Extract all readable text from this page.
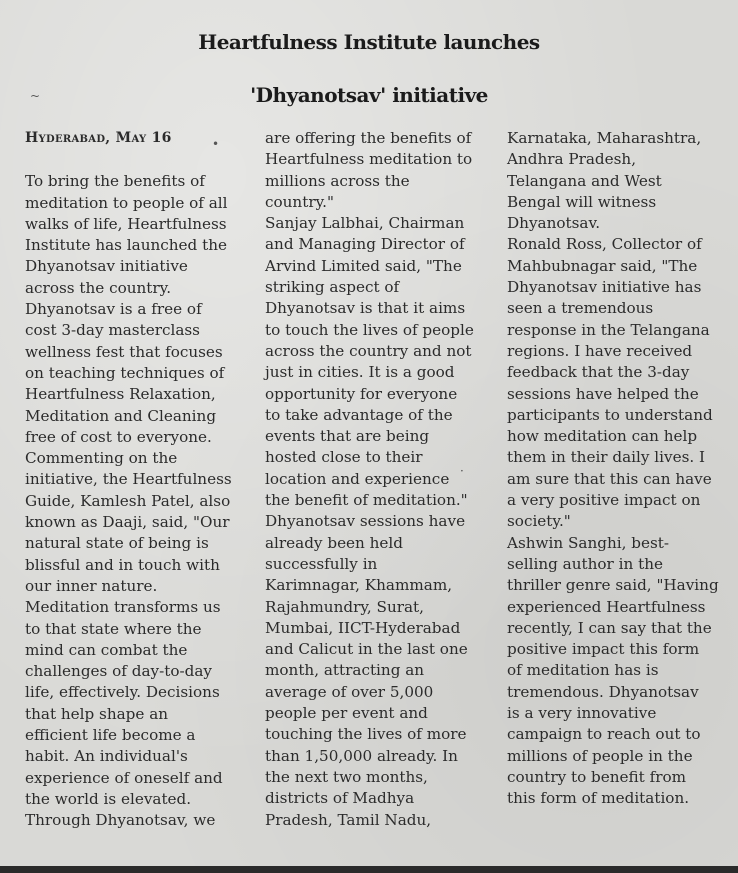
Heartfulness Institute launches
'Dhyanotsav' initiative
Hyderabad, May 16
To bring the benefits of
meditation to people of all
walks of life, Heartfulness
Institute has launched the
Dhyanotsav initiative
across the country.
Dhyanotsav is a free of
cost 3-day masterclass
wellness fest that focuses
on teaching techniques of
Heartfulness Relaxation,
Meditation and Cleaning
free of cost to everyone.
Commenting on the
initiative, the Heartfulness
Guide, Kamlesh Patel, also
known as Daaji, said, "Our
natural state of being is
blissful and in touch with
our inner nature.
Meditation transforms us
to that state where the
mind can combat the
challenges of day-to-day
life, effectively. Decisions
that help shape an
efficient life become a
habit. An individual's
experience of oneself and
the world is elevated.
Through Dhyanotsav, we
are offering the benefits of
Heartfulness meditation to
millions across the
country."
Sanjay Lalbhai, Chairman
and Managing Director of
Arvind Limited said, "The
striking aspect of
Dhyanotsav is that it aims
to touch the lives of people
across the country and not
just in cities. It is a good
opportunity for everyone
to take advantage of the
events that are being
hosted close to their
location and experience
the benefit of meditation."
Dhyanotsav sessions have
already been held
successfully in
Karimnagar, Khammam,
Rajahmundry, Surat,
Mumbai, IICT-Hyderabad
and Calicut in the last one
month, attracting an
average of over 5,000
people per event and
touching the lives of more
than 1,50,000 already. In
the next two months,
districts of Madhya
Pradesh, Tamil Nadu,
Karnataka, Maharashtra,
Andhra Pradesh,
Telangana and West
Bengal will witness
Dhyanotsav.
Ronald Ross, Collector of
Mahbubnagar said, "The
Dhyanotsav initiative has
seen a tremendous
response in the Telangana
regions. I have received
feedback that the 3-day
sessions have helped the
participants to understand
how meditation can help
them in their daily lives. I
am sure that this can have
a very positive impact on
society."
Ashwin Sanghi, best-
selling author in the
thriller genre said, "Having
experienced Heartfulness
recently, I can say that the
positive impact this form
of meditation has is
tremendous. Dhyanotsav
is a very innovative
campaign to reach out to
millions of people in the
country to benefit from
this form of meditation.
•
·
~
